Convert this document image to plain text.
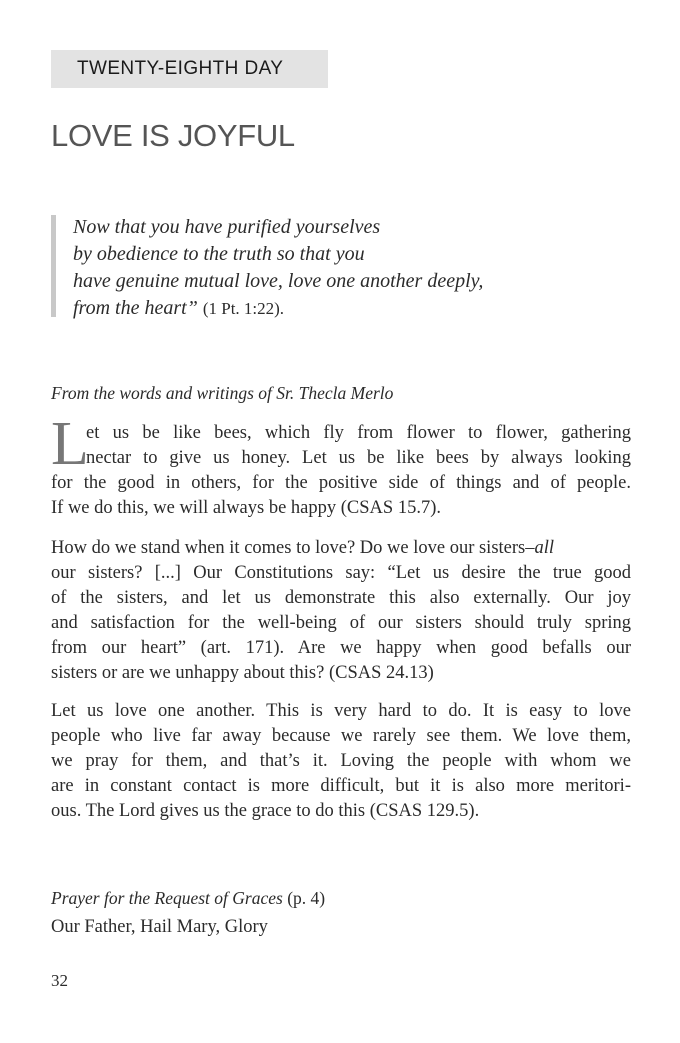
TWENTY-EIGHTH DAY
LOVE IS JOYFUL
Now that you have purified yourselves
by obedience to the truth so that you
have genuine mutual love, love one another deeply,
from the heart” (1 Pt. 1:22).
From the words and writings of Sr. Thecla Merlo
L
et us be like bees, which fly from flower to flower, gathering
nectar to give us honey. Let us be like bees by always looking
for the good in others, for the positive side of things and of people.
If we do this, we will always be happy (CSAS 15.7).
How do we stand when it comes to love? Do we love our sisters–all
our sisters? [...] Our Constitutions say: “Let us desire the true good
of the sisters, and let us demonstrate this also externally. Our joy
and satisfaction for the well-being of our sisters should truly spring
from our heart” (art. 171). Are we happy when good befalls our
sisters or are we unhappy about this? (CSAS 24.13)
Let us love one another. This is very hard to do. It is easy to love
people who live far away because we rarely see them. We love them,
we pray for them, and that’s it. Loving the people with whom we
are in constant contact is more difficult, but it is also more meritori-
ous. The Lord gives us the grace to do this (CSAS 129.5).
Prayer for the Request of Graces (p. 4)
Our Father, Hail Mary, Glory
32
